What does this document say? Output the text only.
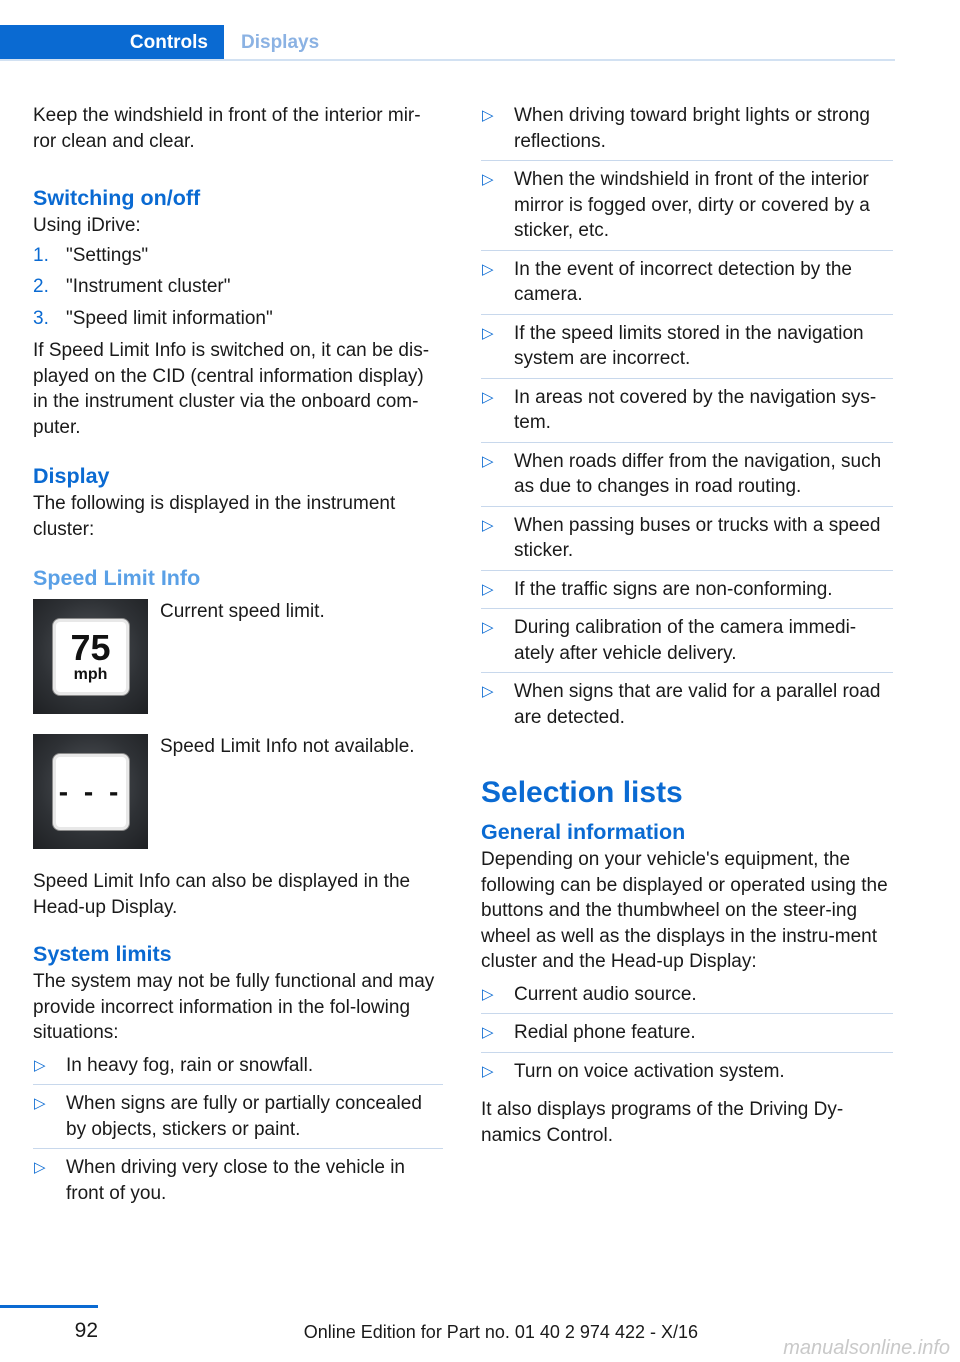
Controls	Displays

Keep the windshield in front of the interior mir-ror clean and clear.

Switching on/off

Using iDrive:

1. "Settings"
2. "Instrument cluster"
3. "Speed limit information"

If Speed Limit Info is switched on, it can be dis-played on the CID (central information display) in the instrument cluster via the onboard com-puter.

Display

The following is displayed in the instrument cluster:

Speed Limit Info
75
mph
Current speed limit.
- - -
Speed Limit Info not available.

Speed Limit Info can also be displayed in the Head-up Display.

System limits

The system may not be fully functional and may provide incorrect information in the fol-lowing situations:

▷ In heavy fog, rain or snowfall.
▷ When signs are fully or partially concealed by objects, stickers or paint.
▷ When driving very close to the vehicle in front of you.
▷ When driving toward bright lights or strong reflections.
▷ When the windshield in front of the interior mirror is fogged over, dirty or covered by a sticker, etc.
▷ In the event of incorrect detection by the camera.
▷ If the speed limits stored in the navigation system are incorrect.
▷ In areas not covered by the navigation sys-tem.
▷ When roads differ from the navigation, such as due to changes in road routing.
▷ When passing buses or trucks with a speed sticker.
▷ If the traffic signs are non-conforming.
▷ During calibration of the camera immedi-ately after vehicle delivery.
▷ When signs that are valid for a parallel road are detected.
Selection lists
General information

Depending on your vehicle's equipment, the following can be displayed or operated using the buttons and the thumbwheel on the steer-ing wheel as well as the displays in the instru-ment cluster and the Head-up Display:

▷ Current audio source.
▷ Redial phone feature.
▷ Turn on voice activation system.

It also displays programs of the Driving Dy-namics Control.

92	Online Edition for Part no. 01 40 2 974 422 - X/16
manualsonline.info
